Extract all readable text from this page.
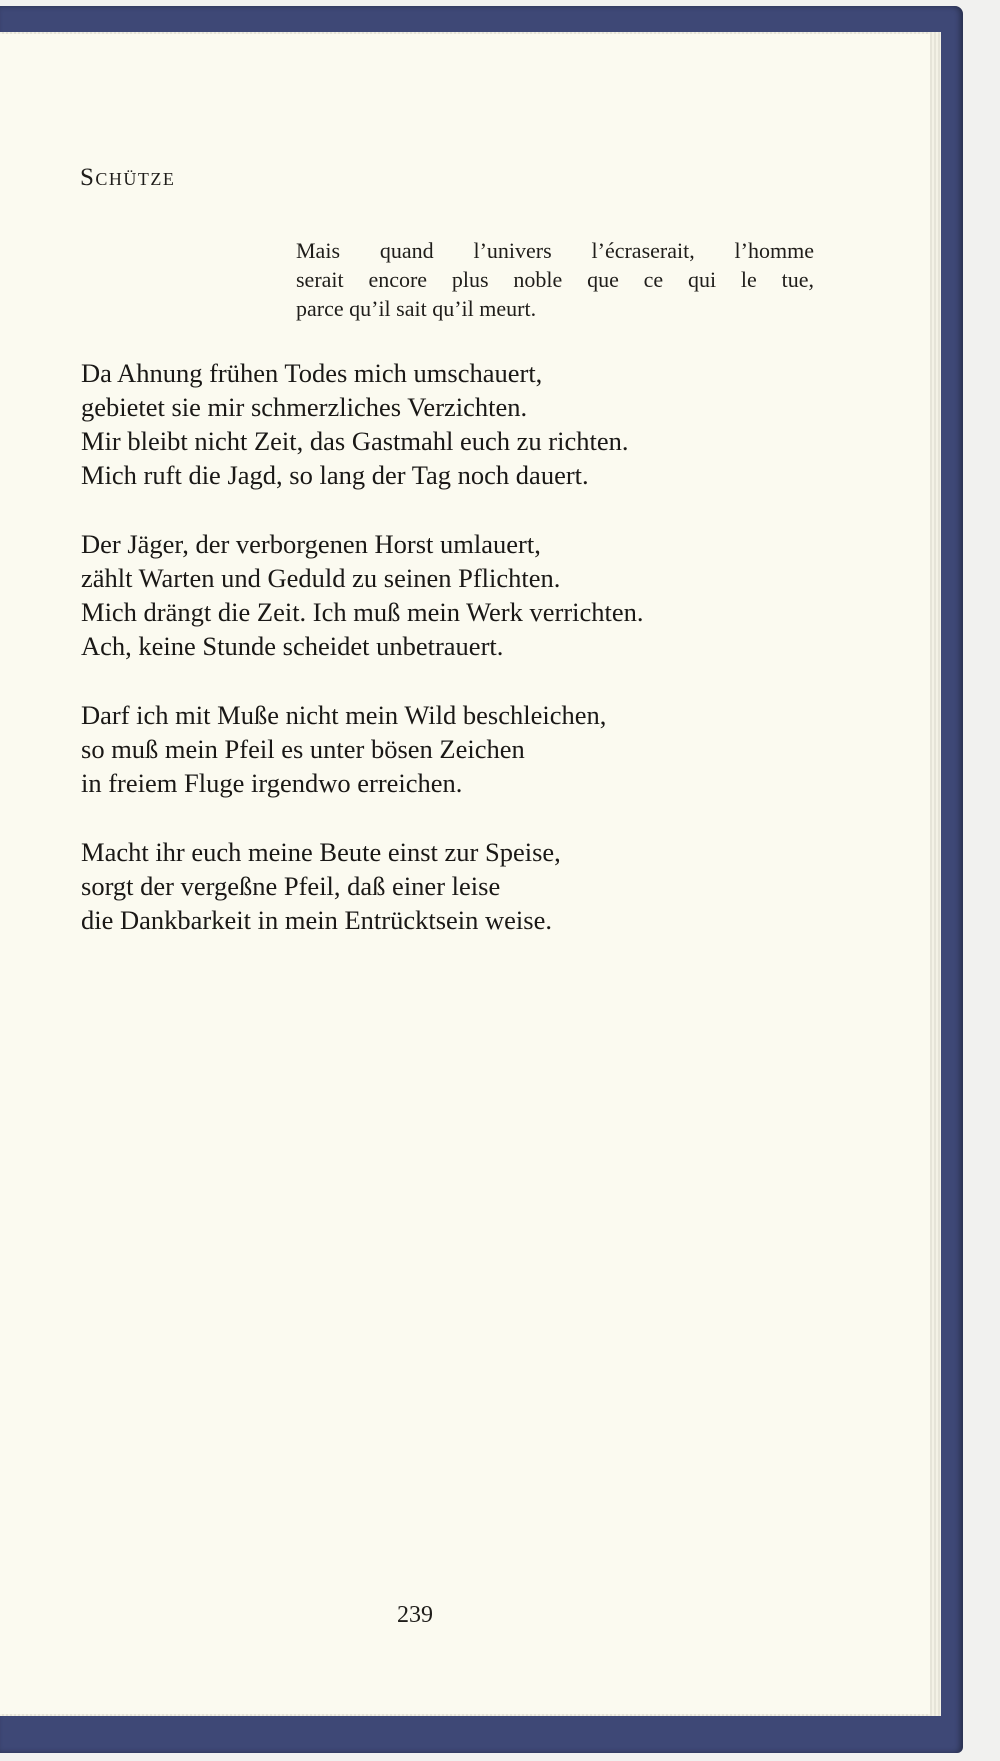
Schütze

Mais quand l’univers l’écraserait, l’homme
serait encore plus noble que ce qui le tue,
parce qu’il sait qu’il meurt.

Da Ahnung frühen Todes mich umschauert,
gebietet sie mir schmerzliches Verzichten.
Mir bleibt nicht Zeit, das Gastmahl euch zu richten.
Mich ruft die Jagd, so lang der Tag noch dauert.

Der Jäger, der verborgenen Horst umlauert,
zählt Warten und Geduld zu seinen Pflichten.
Mich drängt die Zeit. Ich muß mein Werk verrichten.
Ach, keine Stunde scheidet unbetrauert.

Darf ich mit Muße nicht mein Wild beschleichen,
so muß mein Pfeil es unter bösen Zeichen
in freiem Fluge irgendwo erreichen.

Macht ihr euch meine Beute einst zur Speise,
sorgt der vergeßne Pfeil, daß einer leise
die Dankbarkeit in mein Entrücktsein weise.

239
